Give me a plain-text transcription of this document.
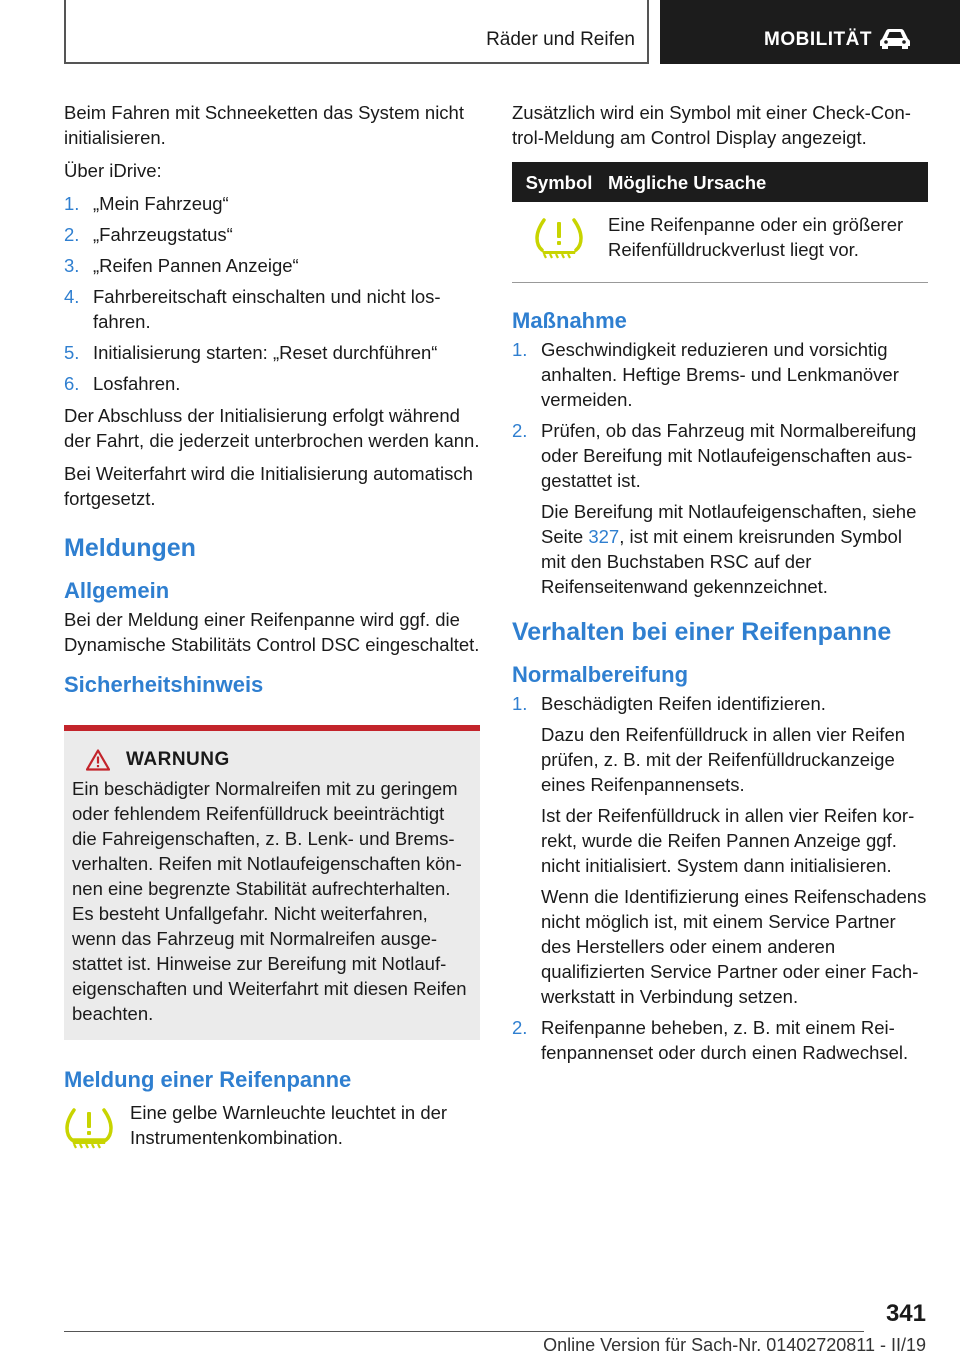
Räder und Reifen	MOBILITÄT

Beim Fahren mit Schneeketten das System nicht initialisieren.

Über iDrive:

1. „Mein Fahrzeug“
2. „Fahrzeugstatus“
3. „Reifen Pannen Anzeige“
4. Fahrbereitschaft einschalten und nicht losfahren.
5. Initialisierung starten: „Reset durchführen“
6. Losfahren.

Der Abschluss der Initialisierung erfolgt während der Fahrt, die jederzeit unterbrochen werden kann.

Bei Weiterfahrt wird die Initialisierung automatisch fortgesetzt.

Meldungen
Allgemein

Bei der Meldung einer Reifenpanne wird ggf. die Dynamische Stabilitäts Control DSC eingeschaltet.

Sicherheitshinweis
WARNUNG

Ein beschädigter Normalreifen mit zu geringem oder fehlendem Reifenfülldruck beeinträchtigt die Fahreigenschaften, z. B. Lenk- und Bremsverhalten. Reifen mit Notlaufeigenschaften können eine begrenzte Stabilität aufrechterhalten. Es besteht Unfallgefahr. Nicht weiterfahren, wenn das Fahrzeug mit Normalreifen ausgestattet ist. Hinweise zur Bereifung mit Notlaufeigenschaften und Weiterfahrt mit diesen Reifen beachten.

Meldung einer Reifenpanne

Eine gelbe Warnleuchte leuchtet in der Instrumentenkombination.

Zusätzlich wird ein Symbol mit einer Check-Control-Meldung am Control Display angezeigt.

Symbol	Mögliche Ursache
	Eine Reifenpanne oder ein größerer Reifenfülldruckverlust liegt vor.
Maßnahme
1. Geschwindigkeit reduzieren und vorsichtig anhalten. Heftige Brems- und Lenkmanöver vermeiden.
2. Prüfen, ob das Fahrzeug mit Normalbereifung oder Bereifung mit Notlaufeigenschaften ausgestattet ist.

Die Bereifung mit Notlaufeigenschaften, siehe Seite 327, ist mit einem kreisrunden Symbol mit den Buchstaben RSC auf der Reifenseitenwand gekennzeichnet.

Verhalten bei einer Reifenpanne
Normalbereifung
1. Beschädigten Reifen identifizieren.

Dazu den Reifenfülldruck in allen vier Reifen prüfen, z. B. mit der Reifenfülldruckanzeige eines Reifenpannensets.

Ist der Reifenfülldruck in allen vier Reifen korrekt, wurde die Reifen Pannen Anzeige ggf. nicht initialisiert. System dann initialisieren.

Wenn die Identifizierung eines Reifenschadens nicht möglich ist, mit einem Service Partner des Herstellers oder einem anderen qualifizierten Service Partner oder einer Fachwerkstatt in Verbindung setzen.

2. Reifenpanne beheben, z. B. mit einem Reifenpannenset oder durch einen Radwechsel.
341
Online Version für Sach-Nr. 01402720811 - II/19
